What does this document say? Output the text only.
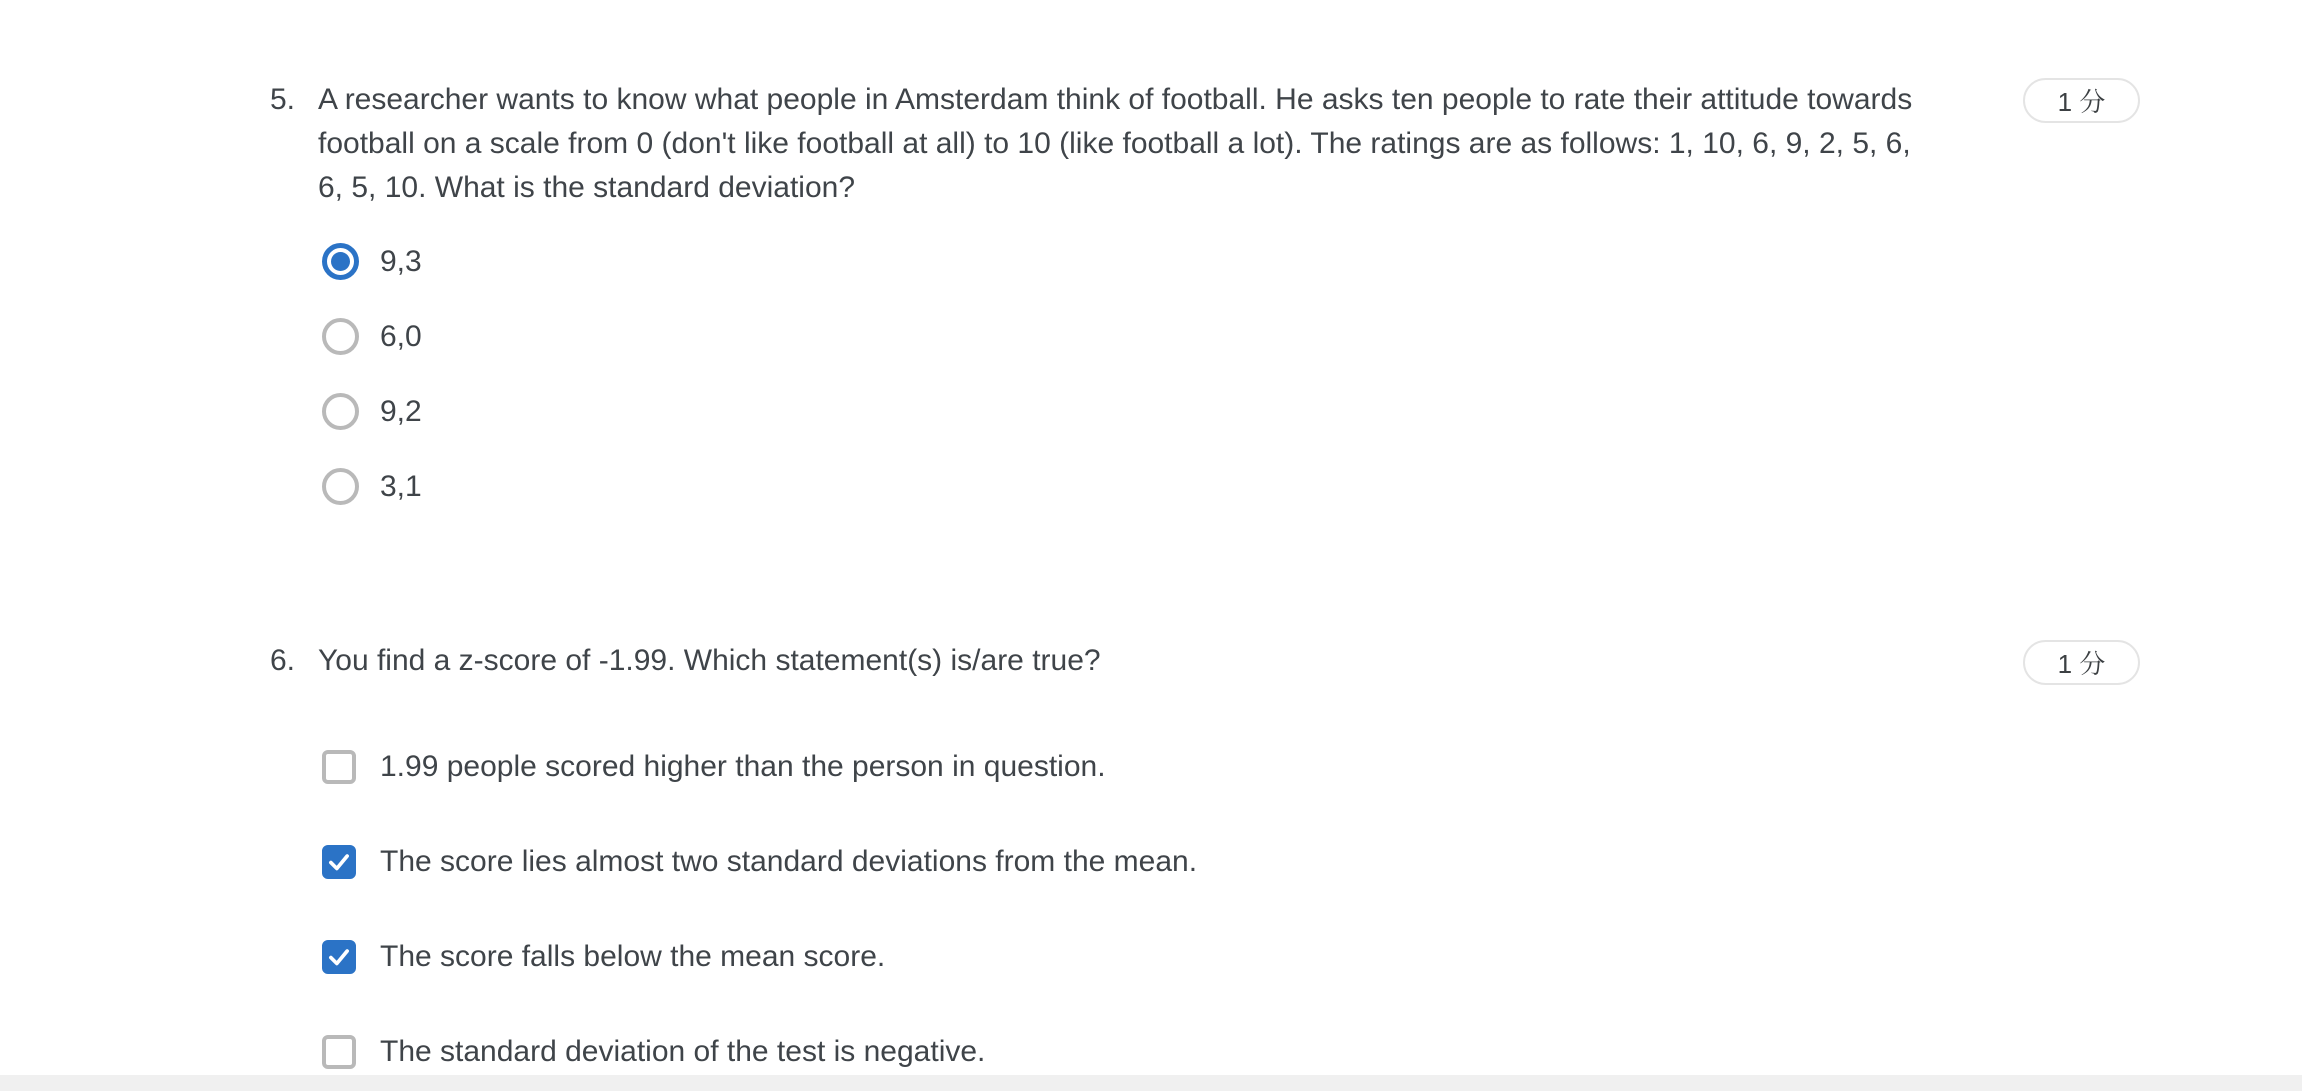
5. A researcher wants to know what people in Amsterdam think of football. He asks ten people to rate their attitude towards football on a scale from 0 (don't like football at all) to 10 (like football a lot). The ratings are as follows: 1, 10, 6, 9, 2, 5, 6, 6, 5, 10. What is the standard deviation?
1 分
9,3
6,0
9,2
3,1
6. You find a z-score of -1.99. Which statement(s) is/are true?	1 分
1.99 people scored higher than the person in question.
The score lies almost two standard deviations from the mean.
The score falls below the mean score.
The standard deviation of the test is negative.
